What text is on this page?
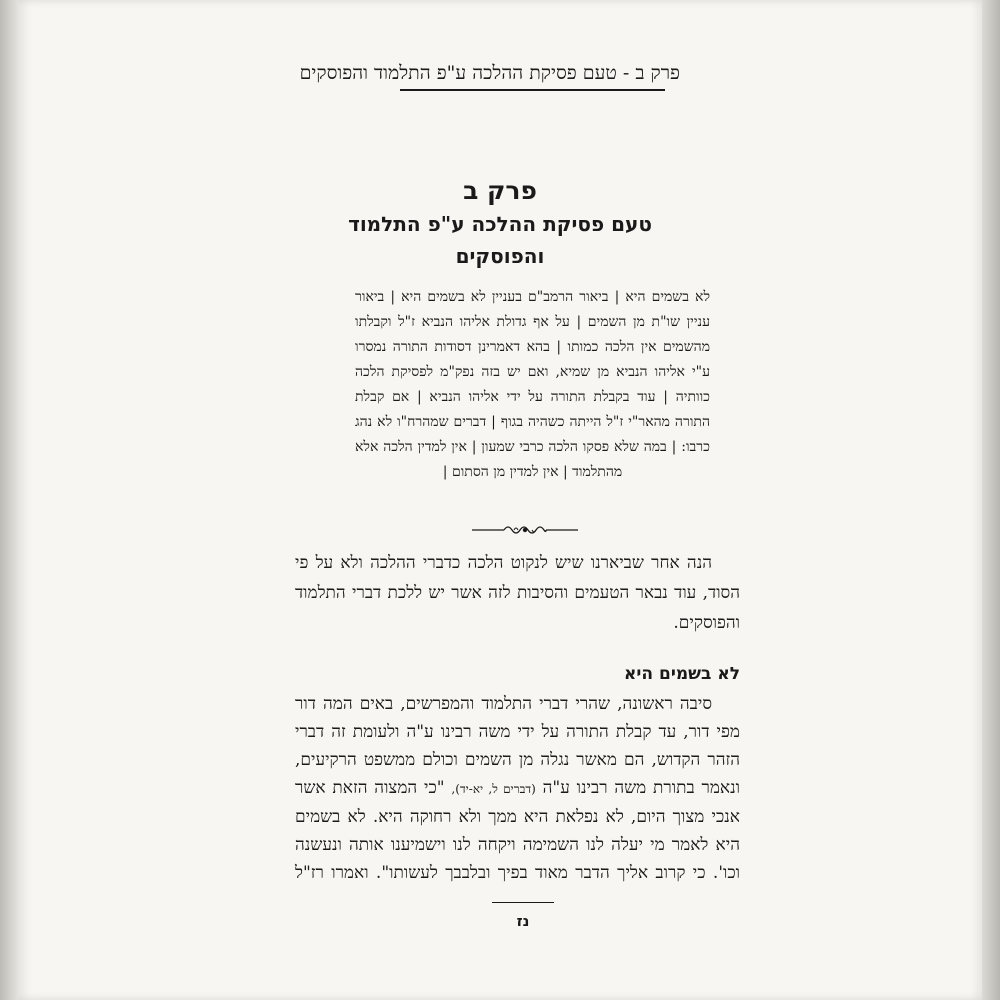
פרק ב - טעם פסיקת ההלכה ע"פ התלמוד והפוסקים
פרק ב
טעם פסיקת ההלכה ע"פ התלמוד
והפוסקים
לא בשמים היא | ביאור הרמב"ם בעניין לא בשמים היא | ביאור עניין שו"ת מן השמים | על אף גדולת אליהו הנביא ז"ל וקבלתו מהשמים אין הלכה כמותו | בהא דאמרינן דסודות התורה נמסרו ע"י אליהו הנביא מן שמיא, ואם יש בזה נפק"מ לפסיקת הלכה כוותיה | עוד בקבלת התורה על ידי אליהו הנביא | אם קבלת התורה מהאר"י ז"ל הייתה כשהיה בגוף | דברים שמהרח"ו לא נהג כרבו: | במה שלא פסקו הלכה כרבי שמעון | אין למדין הלכה אלא מהתלמוד | אין למדין מן הסתום |
הנה אחר שביארנו שיש לנקוט הלכה כדברי ההלכה ולא על פי הסוד, עוד נבאר הטעמים והסיבות לזה אשר יש ללכת דברי התלמוד והפוסקים.
לא בשמים היא
סיבה ראשונה, שהרי דברי התלמוד והמפרשים, באים המה דור מפי דור, עד קבלת התורה על ידי משה רבינו ע"ה ולעומת זה דברי הזהר הקדוש, הם מאשר נגלה מן השמים וכולם ממשפט הרקיעים, ונאמר בתורת משה רבינו ע"ה (דברים ל, יא-יד), "כי המצוה הזאת אשר אנכי מצוך היום, לא נפלאת היא ממך ולא רחוקה היא. לא בשמים היא לאמר מי יעלה לנו השמימה ויקחה לנו וישמיענו אותה ונעשנה וכו'. כי קרוב אליך הדבר מאוד בפיך ובלבבך לעשותו". ואמרו רז"ל
נז
